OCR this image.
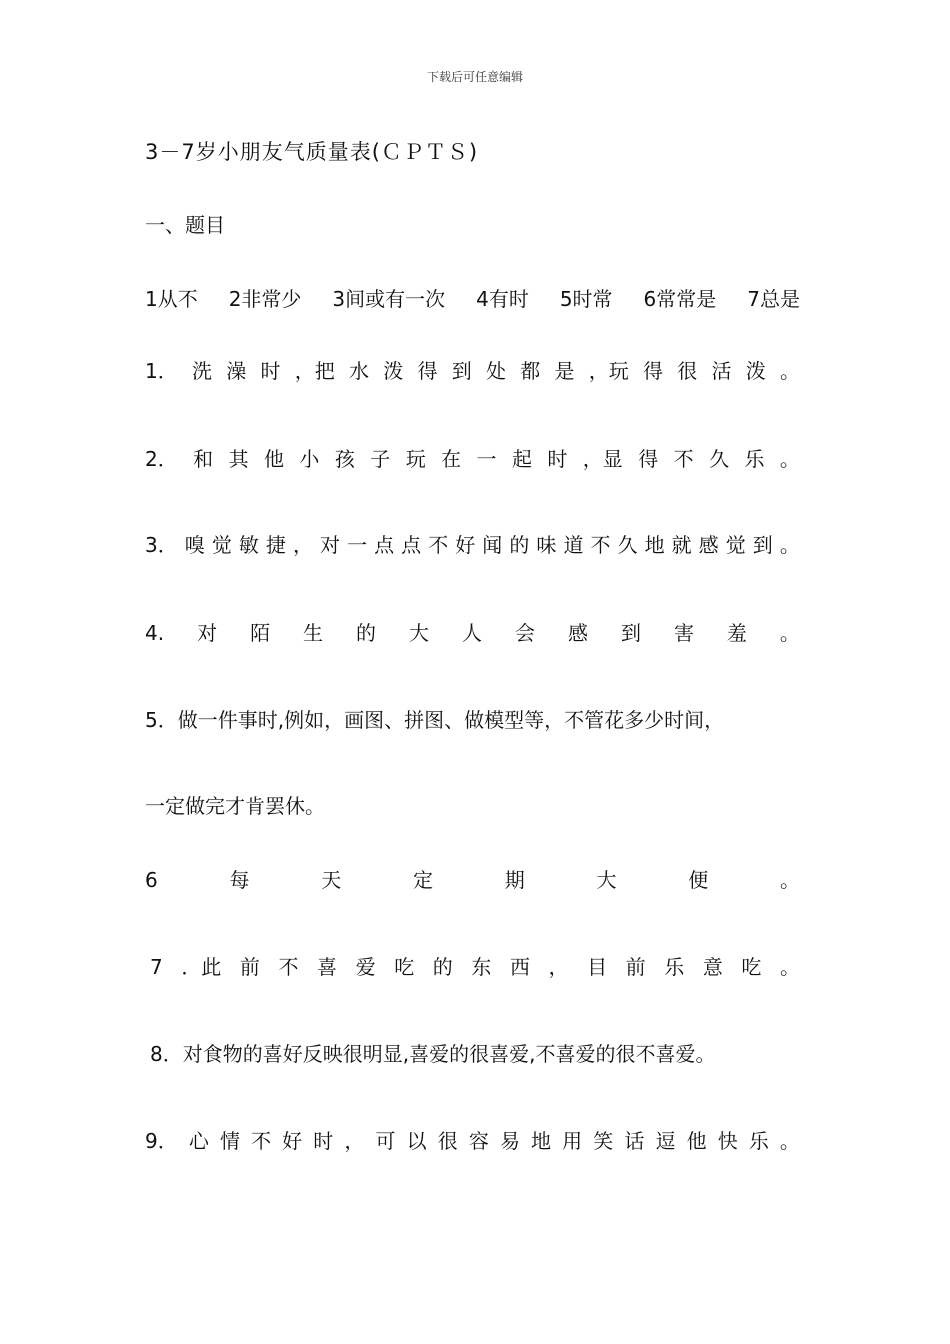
下载后可任意编辑
3－7岁小朋友气质量表(ＣＰＴＳ)
一、题目
1从不 2非常少 3间或有一次 4有时 5时常 6常常是 7总是
1． 洗 澡 时 ，把 水 泼 得 到 处 都 是 ，玩 得 很 活 泼 。
2． 和 其 他 小 孩 子 玩 在 一 起 时 ，显 得 不 久 乐 。
3． 嗅 觉 敏 捷 ， 对 一 点 点 不 好 闻 的 味 道 不 久 地 就 感 觉 到 。
4. 对 陌 生 的 大 人 会 感 到 害 羞 。
5．做一件事时,例如，画图、拼图、做模型等，不管花多少时间，
一定做完才肯罢休。
6	每	天	定	期	大	便	。
7 ．此 前 不 喜 爱 吃 的 东 西 ， 目 前 乐 意 吃 。
8．对食物的喜好反映很明显,喜爱的很喜爱,不喜爱的很不喜爱。
9． 心 情 不 好 时 ， 可 以 很 容 易 地 用 笑 话 逗 他 快 乐 。
